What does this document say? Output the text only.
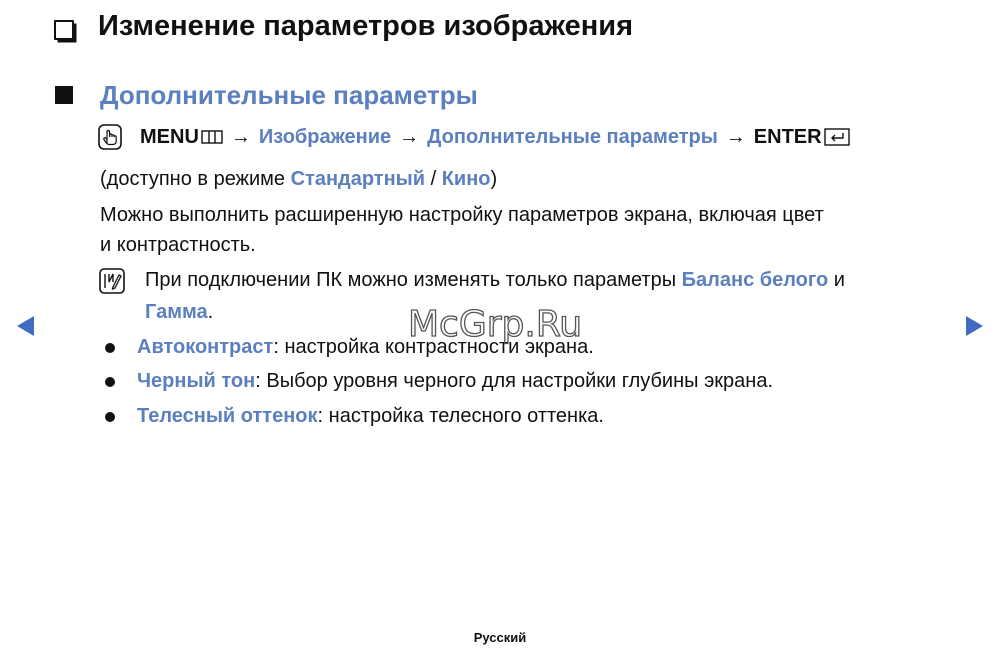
Изменение параметров изображения
Дополнительные параметры
MENU → Изображение → Дополнительные параметры → ENTER
(доступно в режиме Стандартный / Кино)
Можно выполнить расширенную настройку параметров экрана, включая цвет
и контрастность.
При подключении ПК можно изменять только параметры Баланс белого и
Гамма.
Автоконтраст : настройка контрастности экрана.
Черный тон : Выбор уровня черного для настройки глубины экрана.
Телесный оттенок : настройка телесного оттенка.
McGrp.Ru
Русский
